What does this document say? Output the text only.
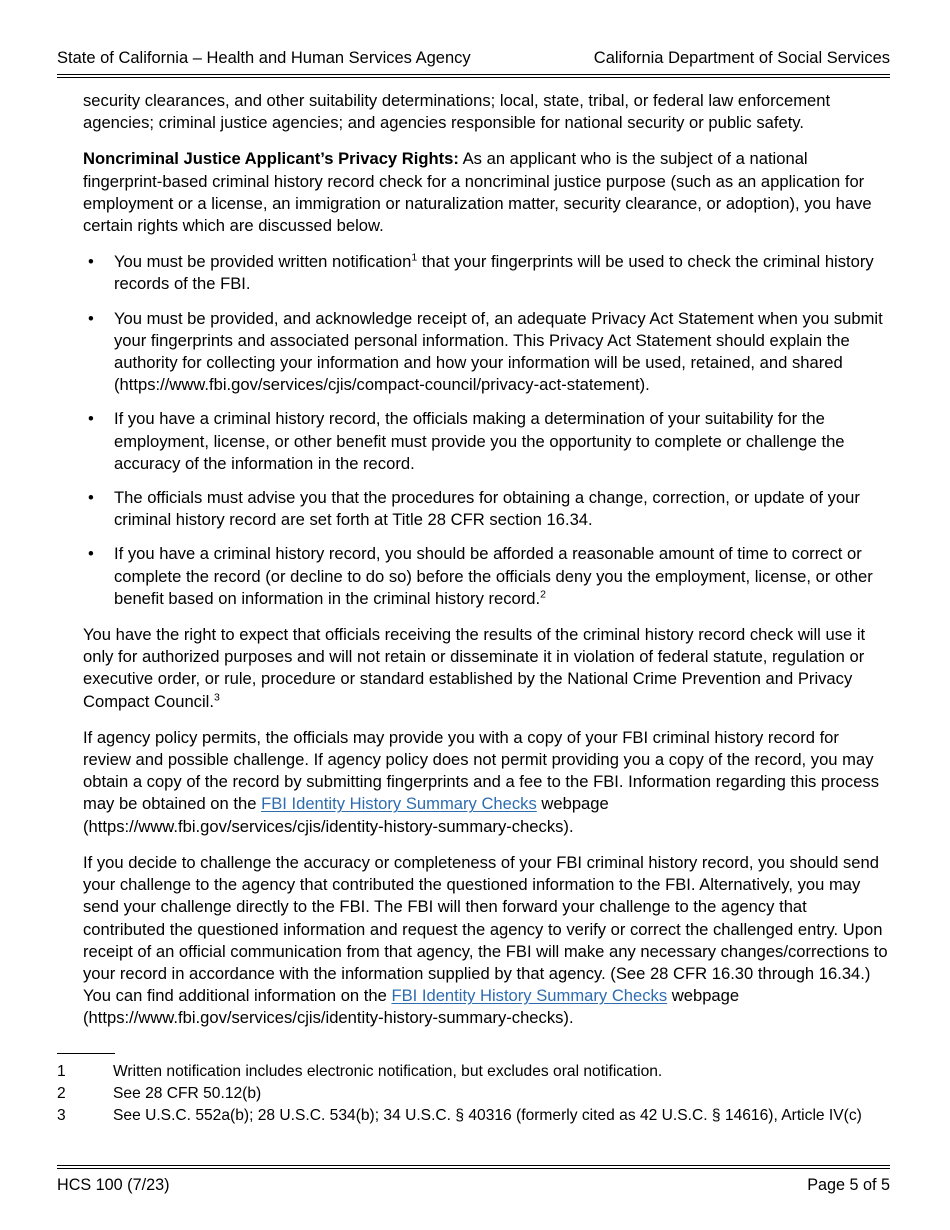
State of California – Health and Human Services Agency	California Department of Social Services

security clearances, and other suitability determinations; local, state, tribal, or federal law enforcement agencies; criminal justice agencies; and agencies responsible for national security or public safety.

Noncriminal Justice Applicant’s Privacy Rights: As an applicant who is the subject of a national fingerprint-based criminal history record check for a noncriminal justice purpose (such as an application for employment or a license, an immigration or naturalization matter, security clearance, or adoption), you have certain rights which are discussed below.

• You must be provided written notification$^1$ that your fingerprints will be used to check the criminal history records of the FBI.
• You must be provided, and acknowledge receipt of, an adequate Privacy Act Statement when you submit your fingerprints and associated personal information. This Privacy Act Statement should explain the authority for collecting your information and how your information will be used, retained, and shared (https://www.fbi.gov/services/cjis/compact-council/privacy-act-statement).
• If you have a criminal history record, the officials making a determination of your suitability for the employment, license, or other benefit must provide you the opportunity to complete or challenge the accuracy of the information in the record.
• The officials must advise you that the procedures for obtaining a change, correction, or update of your criminal history record are set forth at Title 28 CFR section 16.34.
• If you have a criminal history record, you should be afforded a reasonable amount of time to correct or complete the record (or decline to do so) before the officials deny you the employment, license, or other benefit based on information in the criminal history record.$^2$

You have the right to expect that officials receiving the results of the criminal history record check will use it only for authorized purposes and will not retain or disseminate it in violation of federal statute, regulation or executive order, or rule, procedure or standard established by the National Crime Prevention and Privacy Compact Council.$^3$

If agency policy permits, the officials may provide you with a copy of your FBI criminal history record for review and possible challenge. If agency policy does not permit providing you a copy of the record, you may obtain a copy of the record by submitting fingerprints and a fee to the FBI. Information regarding this process may be obtained on the FBI Identity History Summary Checks webpage (https://www.fbi.gov/services/cjis/identity-history-summary-checks).

If you decide to challenge the accuracy or completeness of your FBI criminal history record, you should send your challenge to the agency that contributed the questioned information to the FBI. Alternatively, you may send your challenge directly to the FBI. The FBI will then forward your challenge to the agency that contributed the questioned information and request the agency to verify or correct the challenged entry. Upon receipt of an official communication from that agency, the FBI will make any necessary changes/corrections to your record in accordance with the information supplied by that agency. (See 28 CFR 16.30 through 16.34.) You can find additional information on the FBI Identity History Summary Checks webpage (https://www.fbi.gov/services/cjis/identity-history-summary-checks).

1	Written notification includes electronic notification, but excludes oral notification.
2	See 28 CFR 50.12(b)
3	See U.S.C. 552a(b); 28 U.S.C. 534(b); 34 U.S.C. § 40316 (formerly cited as 42 U.S.C. § 14616), Article IV(c)
HCS 100 (7/23)	Page 5 of 5
